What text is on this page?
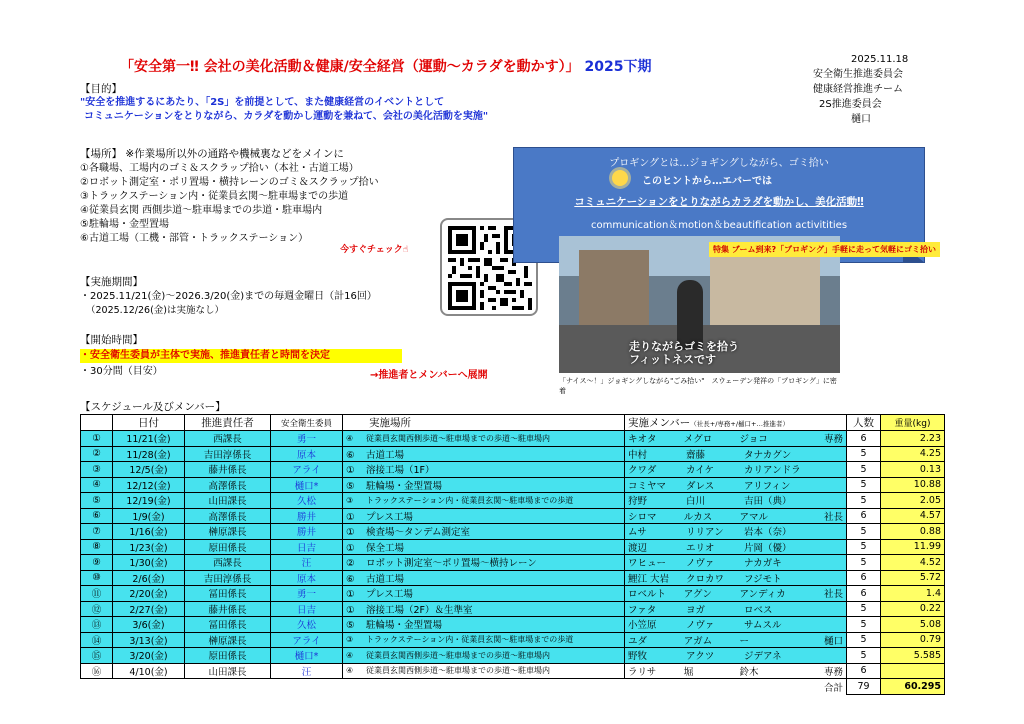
「安全第一‼ 会社の美化活動＆健康/安全経営（運動～カラダを動かす）」 2025下期	2025.11.18
安全衛生推進委員会
健康経営推進チーム
2S推進委員会
樋口
【目的】
"安全を推進するにあたり、「2S」を前提として、また健康経営のイベントとして
コミュニケーションをとりながら、カラダを動かし運動を兼ねて、会社の美化活動を実施"
【場所】 ※作業場所以外の通路や機械裏などをメインに
①各職場、工場内のゴミ＆スクラップ拾い（本社・古道工場）
②ロボット測定室・ポリ置場・横持レーンのゴミ＆スクラップ拾い
③トラックステーション内・従業員玄関～駐車場までの歩道
④従業員玄関 西側歩道～駐車場までの歩道・駐車場内
⑤駐輪場・金型置場
⑥古道工場（工機・部管・トラックステーション）
今すぐチェック☝
【実施期間】
・2025.11/21(金)～2026.3/20(金)までの毎週金曜日（計16回）
（2025.12/26(金)は実施なし）
【開始時間】
・安全衛生委員が主体で実施、推進責任者と時間を決定
・30分間（目安）	→推進者とメンバーへ展開
プロギングとは…ジョギングしながら、ゴミ拾い
このヒントから…エバーでは
コミュニケーションをとりながらカラダを動かし、美化活動‼
communication＆motion＆beautification activitities
特集 ブーム到来?「プロギング」手軽に走って気軽にゴミ拾い
走りながらゴミを拾う
フィットネスです
「ナイス～！」ジョギングしながら"ごみ拾い"　スウェーデン発祥の「プロギング」に密着
【スケジュール及びメンバー】
	日付	推進責任者	安全衛生委員	実施場所	実施メンバー（社長+/専務+/樋口+…推進者）	人数	重量(kg)
①	11/21(金)	西課長	勇一	④ 従業員玄関西側歩道～駐車場までの歩道～駐車場内	キオタ メグロ ジョコ 専務	6	2.23
②	11/28(金)	吉田淳係長	原本	⑥ 古道工場	中村 齋藤 タナカグン	5	4.25
③	12/5(金)	藤井係長	アライ	① 溶接工場（1F）	クワダ カイケ カリアンドラ	5	0.13
④	12/12(金)	高澤係長	樋口*	⑤ 駐輪場・金型置場	コミヤマ ダレス アリフィン	5	10.88
⑤	12/19(金)	山田課長	久松	③ トラックステーション内・従業員玄関～駐車場までの歩道	狩野 白川 吉田（典）	5	2.05
⑥	1/9(金)	高澤係長	勝井	① プレス工場	シロマ ルカス アマル 社長	6	4.57
⑦	1/16(金)	榊原課長	勝井	① 検査場～タンデム測定室	ムサ リリアン 岩本（奈）	5	0.88
⑧	1/23(金)	原田係長	日吉	① 保全工場	渡辺 エリオ 片岡（優）	5	11.99
⑨	1/30(金)	西課長	汪	② ロボット測定室～ポリ置場～横持レーン	ワヒュー ノヴァ ナカガキ	5	4.52
⑩	2/6(金)	吉田淳係長	原本	⑥ 古道工場	鯉江 大岩 クロカワ フジモト	6	5.72
⑪	2/20(金)	冨田係長	勇一	① プレス工場	ロベルト アグン アンディカ 社長	6	1.4
⑫	2/27(金)	藤井係長	日吉	① 溶接工場（2F）＆生準室	ファタ ヨガ ロベス	5	0.22
⑬	3/6(金)	冨田係長	久松	⑤ 駐輪場・金型置場	小笠原 ノヴァ サムスル	5	5.08
⑭	3/13(金)	榊原課長	アライ	③ トラックステーション内・従業員玄関～駐車場までの歩道	ユダ アガム ー 樋口	5	0.79
⑮	3/20(金)	原田係長	樋口*	④ 従業員玄関西側歩道～駐車場までの歩道～駐車場内	野牧 アクツ ジデアネ	5	5.585
⑯	4/10(金)	山田課長	汪	④ 従業員玄関西側歩道～駐車場までの歩道～駐車場内	ラリサ 堀 鈴木 専務	6	
合計						79	60.295
